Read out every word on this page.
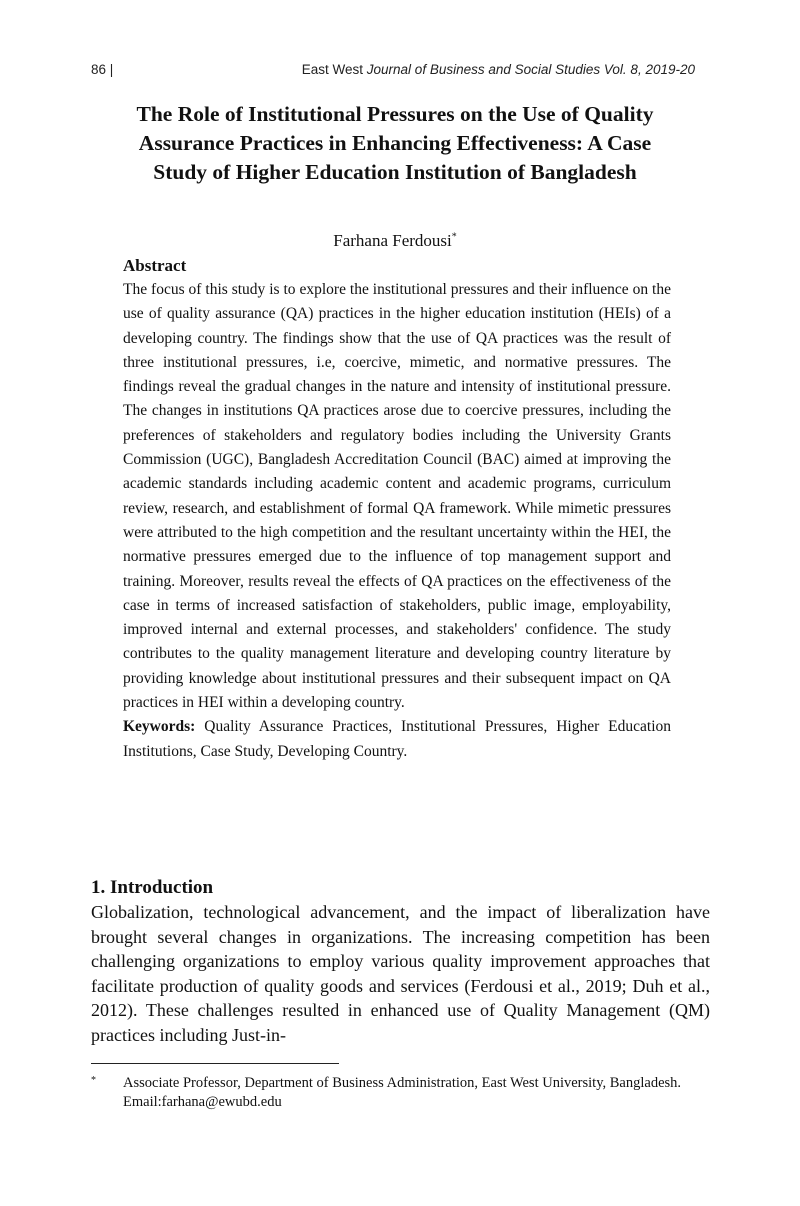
86 |	East West Journal of Business and Social Studies Vol. 8, 2019-20
The Role of Institutional Pressures on the Use of Quality Assurance Practices in Enhancing Effectiveness: A Case Study of Higher Education Institution of Bangladesh
Farhana Ferdousi*
Abstract

The focus of this study is to explore the institutional pressures and their influence on the use of quality assurance (QA) practices in the higher education institution (HEIs) of a developing country. The findings show that the use of QA practices was the result of three institutional pressures, i.e, coercive, mimetic, and normative pressures. The findings reveal the gradual changes in the nature and intensity of institutional pressure. The changes in institutions QA practices arose due to coercive pressures, including the preferences of stakeholders and regulatory bodies including the University Grants Commission (UGC), Bangladesh Accreditation Council (BAC) aimed at improving the academic standards including academic content and academic programs, curriculum review, research, and establishment of formal QA framework. While mimetic pressures were attributed to the high competition and the resultant uncertainty within the HEI, the normative pressures emerged due to the influence of top management support and training. Moreover, results reveal the effects of QA practices on the effectiveness of the case in terms of increased satisfaction of stakeholders, public image, employability, improved internal and external processes, and stakeholders' confidence. The study contributes to the quality management literature and developing country literature by providing knowledge about institutional pressures and their subsequent impact on QA practices in HEI within a developing country.

Keywords: Quality Assurance Practices, Institutional Pressures, Higher Education Institutions, Case Study, Developing Country.

1. Introduction

Globalization, technological advancement, and the impact of liberalization have brought several changes in organizations. The increasing competition has been challenging organizations to employ various quality improvement approaches that facilitate production of quality goods and services (Ferdousi et al., 2019; Duh et al., 2012). These challenges resulted in enhanced use of Quality Management (QM) practices including Just-in-

* Associate Professor, Department of Business Administration, East West University, Bangladesh. Email:farhana@ewubd.edu
